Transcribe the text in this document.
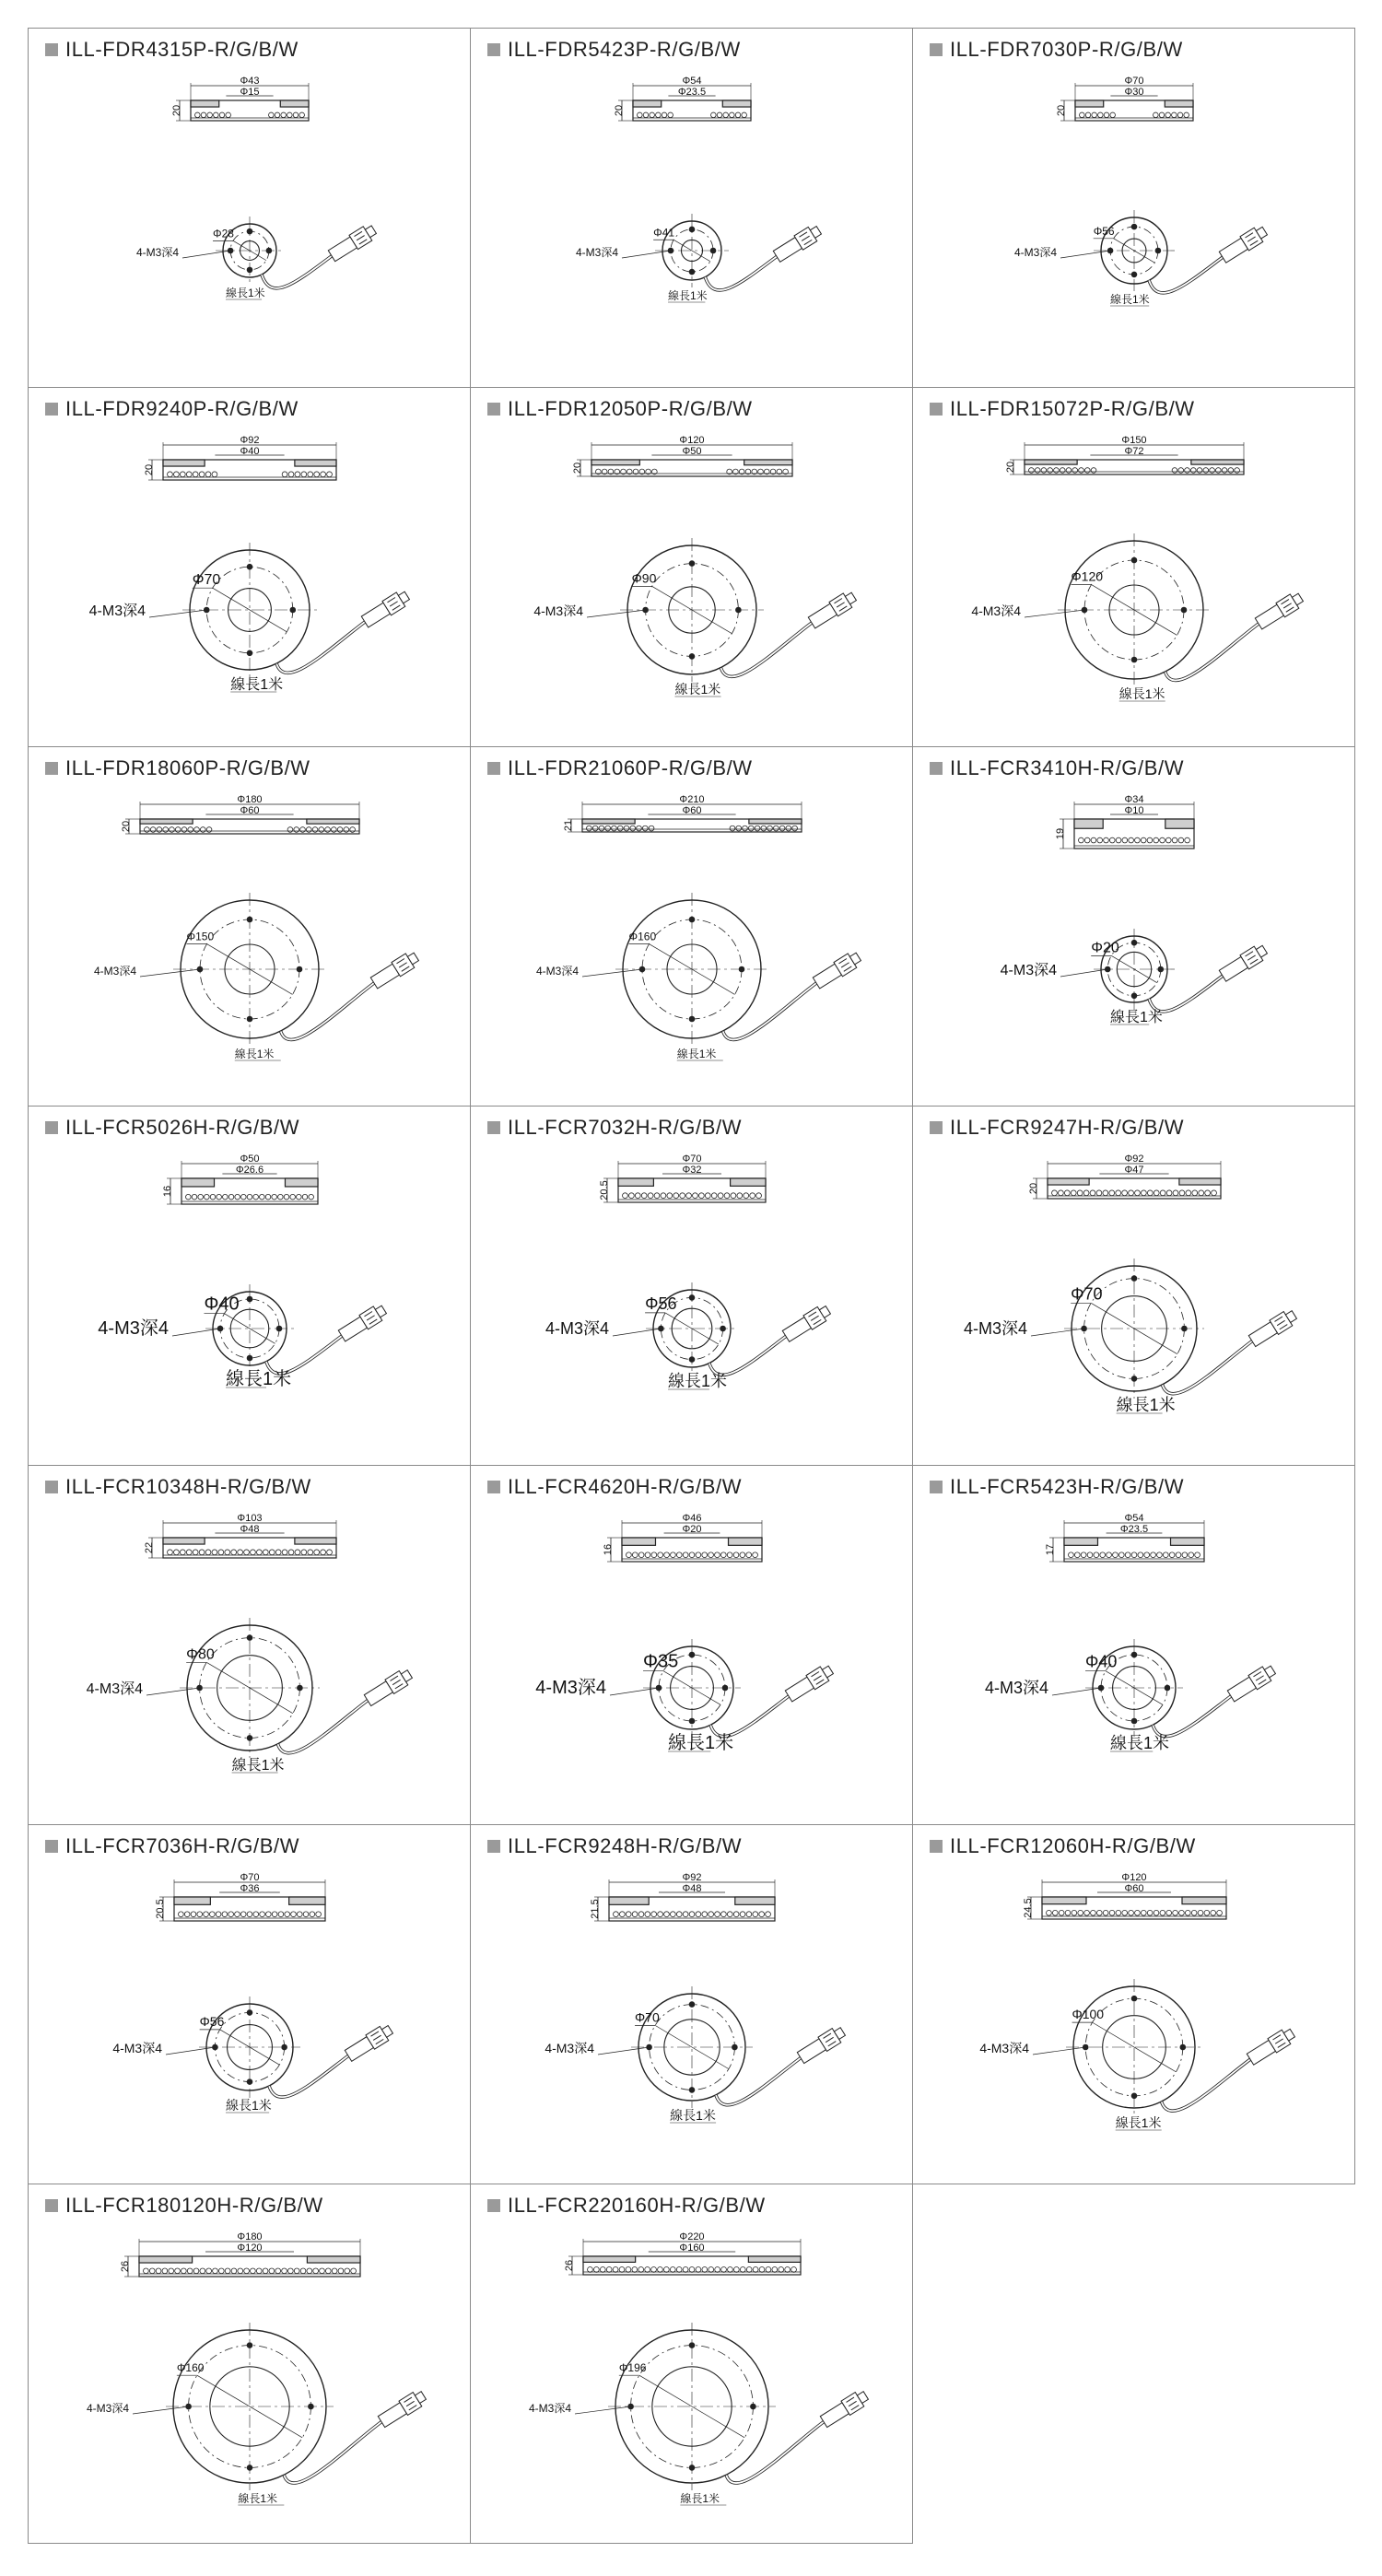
ILL-FDR4315P-R/G/B/W
Φ43
Φ15
20
Φ28
4-M3深4
線長1米
ILL-FDR5423P-R/G/B/W
Φ54
Φ23.5
20
Φ41
4-M3深4
線長1米
ILL-FDR7030P-R/G/B/W
Φ70
Φ30
20
Φ56
4-M3深4
線長1米
ILL-FDR9240P-R/G/B/W
Φ92
Φ40
20
Φ70
4-M3深4
線長1米
ILL-FDR12050P-R/G/B/W
Φ120
Φ50
20
Φ90
4-M3深4
線長1米
ILL-FDR15072P-R/G/B/W
Φ150
Φ72
20
Φ120
4-M3深4
線長1米
ILL-FDR18060P-R/G/B/W
Φ180
Φ60
20
Φ150
4-M3深4
線長1米
ILL-FDR21060P-R/G/B/W
Φ210
Φ60
21
Φ160
4-M3深4
線長1米
ILL-FCR3410H-R/G/B/W
Φ34
Φ10
19
Φ20
4-M3深4
線長1米
ILL-FCR5026H-R/G/B/W
Φ50
Φ26.6
16
Φ40
4-M3深4
線長1米
ILL-FCR7032H-R/G/B/W
Φ70
Φ32
20.5
Φ56
4-M3深4
線長1米
ILL-FCR9247H-R/G/B/W
Φ92
Φ47
20
Φ70
4-M3深4
線長1米
ILL-FCR10348H-R/G/B/W
Φ103
Φ48
22
Φ80
4-M3深4
線長1米
ILL-FCR4620H-R/G/B/W
Φ46
Φ20
16
Φ35
4-M3深4
線長1米
ILL-FCR5423H-R/G/B/W
Φ54
Φ23.5
17
Φ40
4-M3深4
線長1米
ILL-FCR7036H-R/G/B/W
Φ70
Φ36
20.5
Φ56
4-M3深4
線長1米
ILL-FCR9248H-R/G/B/W
Φ92
Φ48
21.5
Φ70
4-M3深4
線長1米
ILL-FCR12060H-R/G/B/W
Φ120
Φ60
24.5
Φ100
4-M3深4
線長1米
ILL-FCR180120H-R/G/B/W
Φ180
Φ120
26
Φ160
4-M3深4
線長1米
ILL-FCR220160H-R/G/B/W
Φ220
Φ160
26
Φ196
4-M3深4
線長1米
